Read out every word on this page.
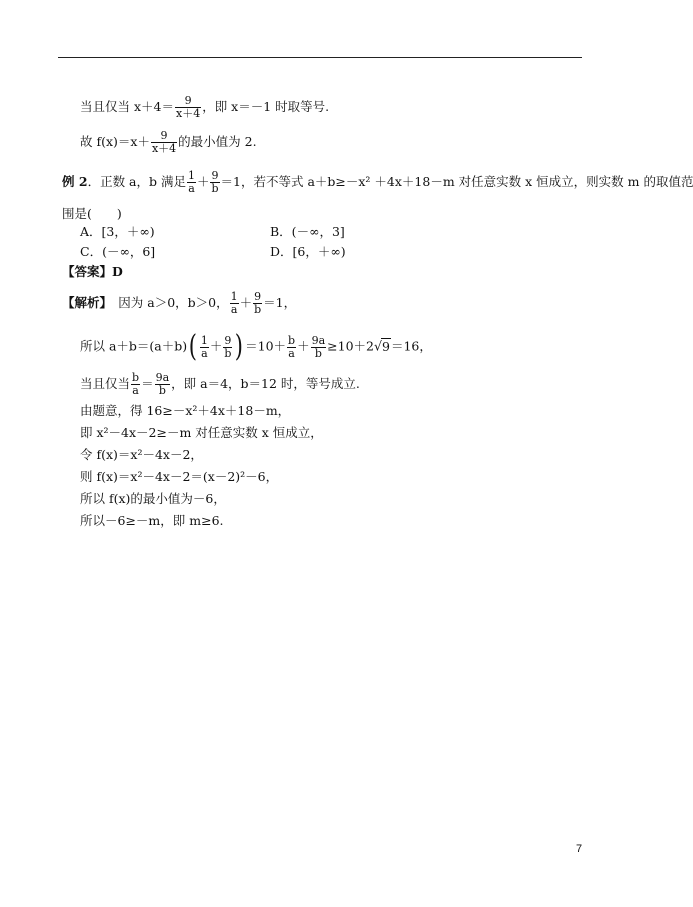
当且仅当 $x+4= \frac{9}{x+4}$ ，即 x＝－1 时取等号.
故 $f(x)=x+ \frac{9}{x+4}$ 的最小值为 2.
例 2．正数 a，b 满足 $\frac{1}{a} + \frac{9}{b} =1$，若不等式 a＋b≥－x² ＋4x＋18－m 对任意实数 x 恒成立，则实数 m 的取值范
围是(　　)
A．[3，＋∞)	B．(－∞，3]
C．(－∞，6]	D．[6，＋∞)
【答案】D
【解析】　因为 a＞0，b＞0， $\frac{1}{a} + \frac{9}{b} =1$，
所以 $a+b=(a+b)( \frac{1}{a} + \frac{9}{b}$ ) $=10+ \frac{b}{a} + \frac{9a}{b} \ge 10+2√9=16$，
当且仅当 $\frac{b}{a} = \frac{9a}{b}$ ，即 a＝4，b＝12 时，等号成立.
由题意，得 16≥－x²＋4x＋18－m，
即 x²－4x－2≥－m 对任意实数 x 恒成立，
令 f(x)＝x²－4x－2，
则 f(x)＝x²－4x－2＝(x－2)²－6，
所以 f(x)的最小值为－6，
所以－6≥－m，即 m≥6.
7
